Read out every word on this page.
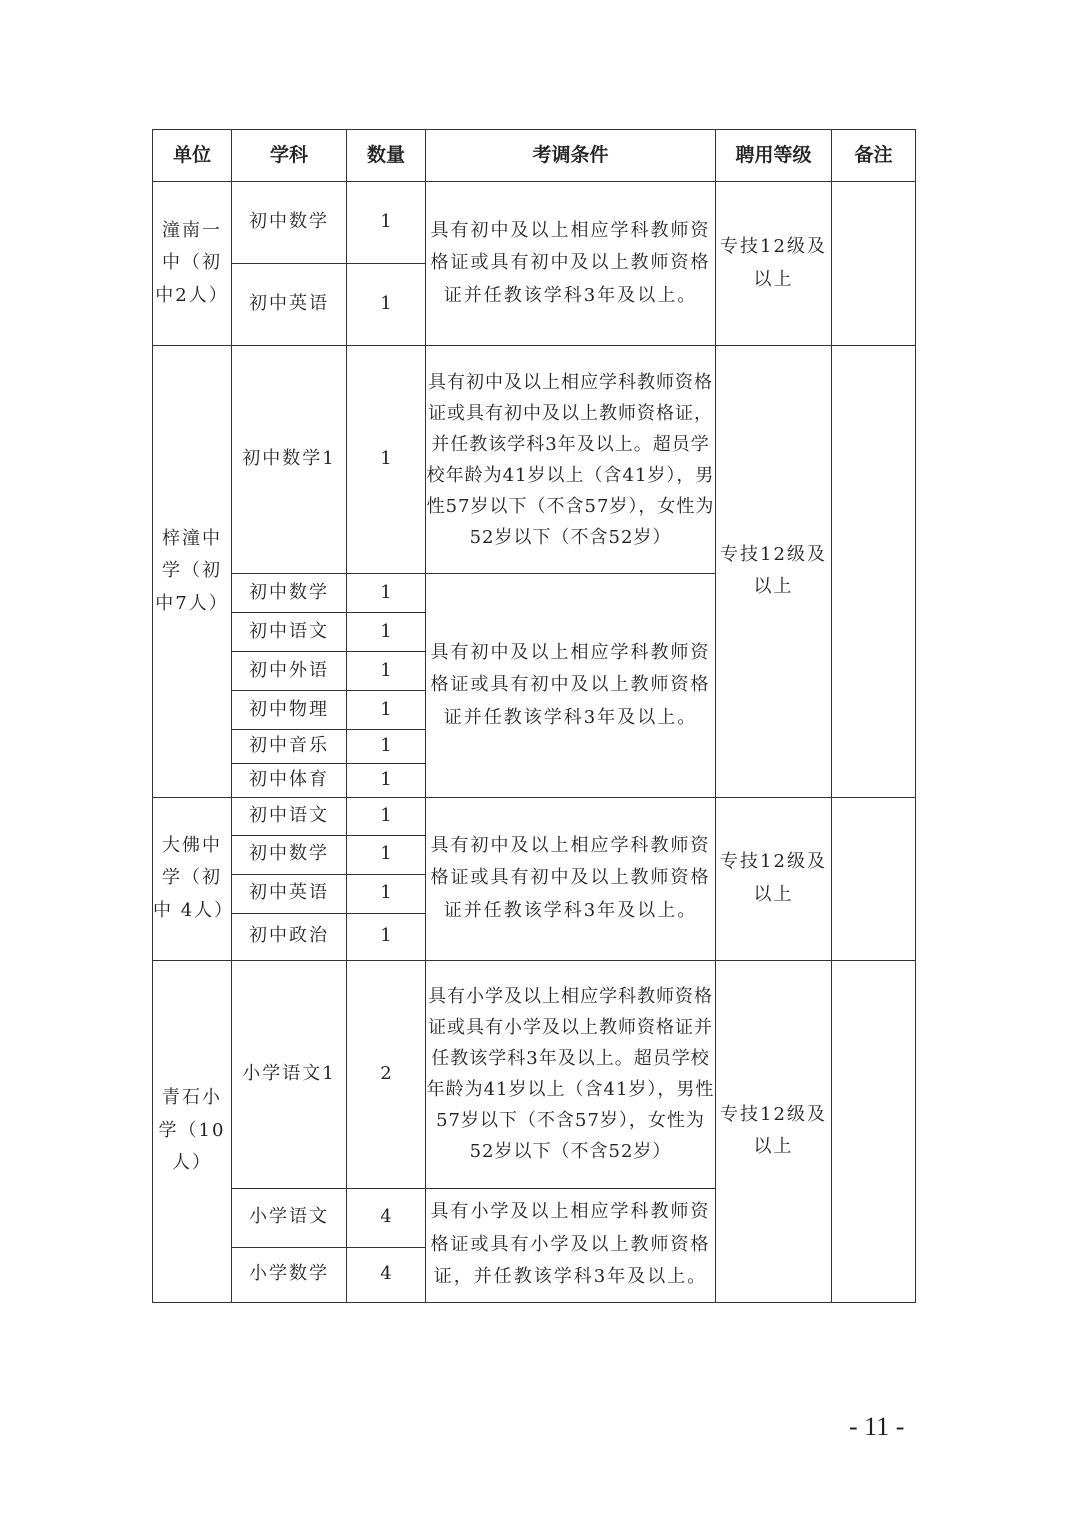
单位	学科	数量	考调条件	聘用等级	备注
潼南一中（初中2人）	初中数学	1	具有初中及以上相应学科教师资格证或具有初中及以上教师资格证并任教该学科3年及以上。	专技12级及以上	
	初中英语	1			
梓潼中学（初中7人）	初中数学1	1	具有初中及以上相应学科教师资格证或具有初中及以上教师资格证，并任教该学科3年及以上。超员学校年龄为41岁以上（含41岁），男性57岁以下（不含57岁），女性为52岁以下（不含52岁）	专技12级及以上	
	初中数学	1	具有初中及以上相应学科教师资格证或具有初中及以上教师资格证并任教该学科3年及以上。		
	初中语文	1			
	初中外语	1			
	初中物理	1			
	初中音乐	1			
	初中体育	1			
大佛中学（初中 4人）	初中语文	1	具有初中及以上相应学科教师资格证或具有初中及以上教师资格证并任教该学科3年及以上。	专技12级及以上	
	初中数学	1			
	初中英语	1			
	初中政治	1			
青石小学（10人）	小学语文1	2	具有小学及以上相应学科教师资格证或具有小学及以上教师资格证并任教该学科3年及以上。超员学校年龄为41岁以上（含41岁），男性57岁以下（不含57岁），女性为52岁以下（不含52岁）	专技12级及以上	
	小学语文	4	具有小学及以上相应学科教师资格证或具有小学及以上教师资格证，并任教该学科3年及以上。		
	小学数学	4			
- 11 -
